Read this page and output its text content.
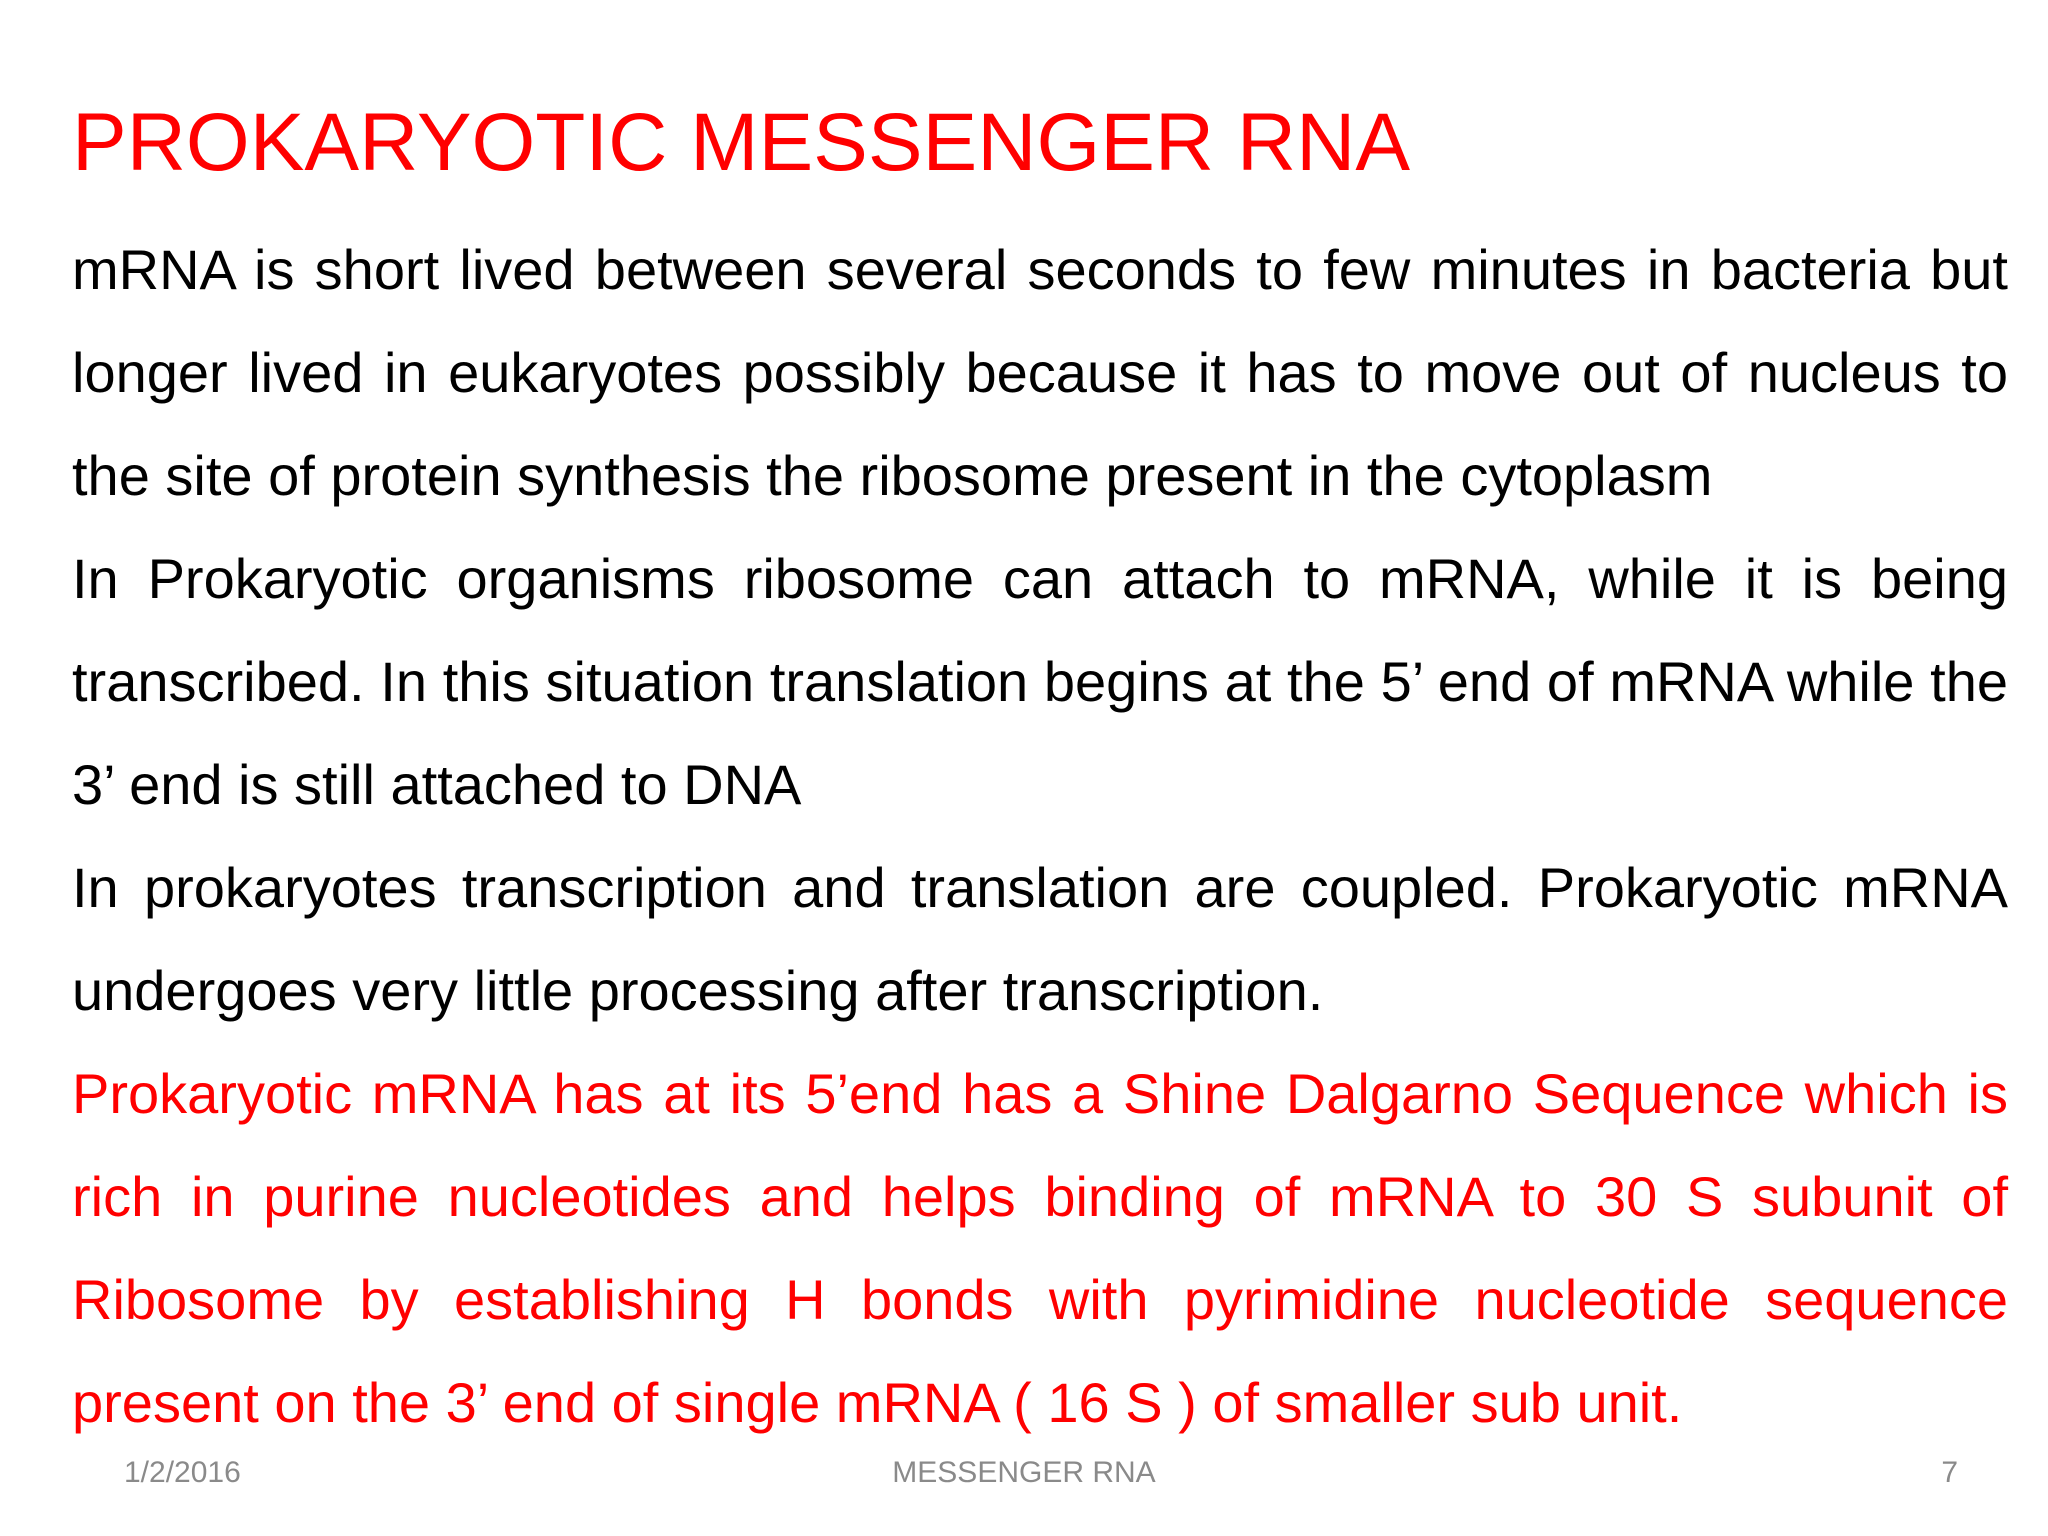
PROKARYOTIC MESSENGER RNA

mRNA is short lived between several seconds to few minutes in bacteria but longer lived in eukaryotes possibly because it has to move out of nucleus to the site of protein synthesis the ribosome present in the cytoplasm

In Prokaryotic organisms ribosome can attach to mRNA, while it is being transcribed. In this situation translation begins at the 5’ end of mRNA while the 3’ end is still attached to DNA

In prokaryotes transcription and translation are coupled. Prokaryotic mRNA undergoes very little processing after transcription.

Prokaryotic mRNA has at its 5’end has a Shine Dalgarno Sequence which is rich in purine nucleotides and helps binding of mRNA to 30 S subunit of Ribosome by establishing H bonds with pyrimidine nucleotide sequence present on the 3’ end of single mRNA ( 16 S ) of smaller sub unit.

1/2/2016	MESSENGER RNA	7
